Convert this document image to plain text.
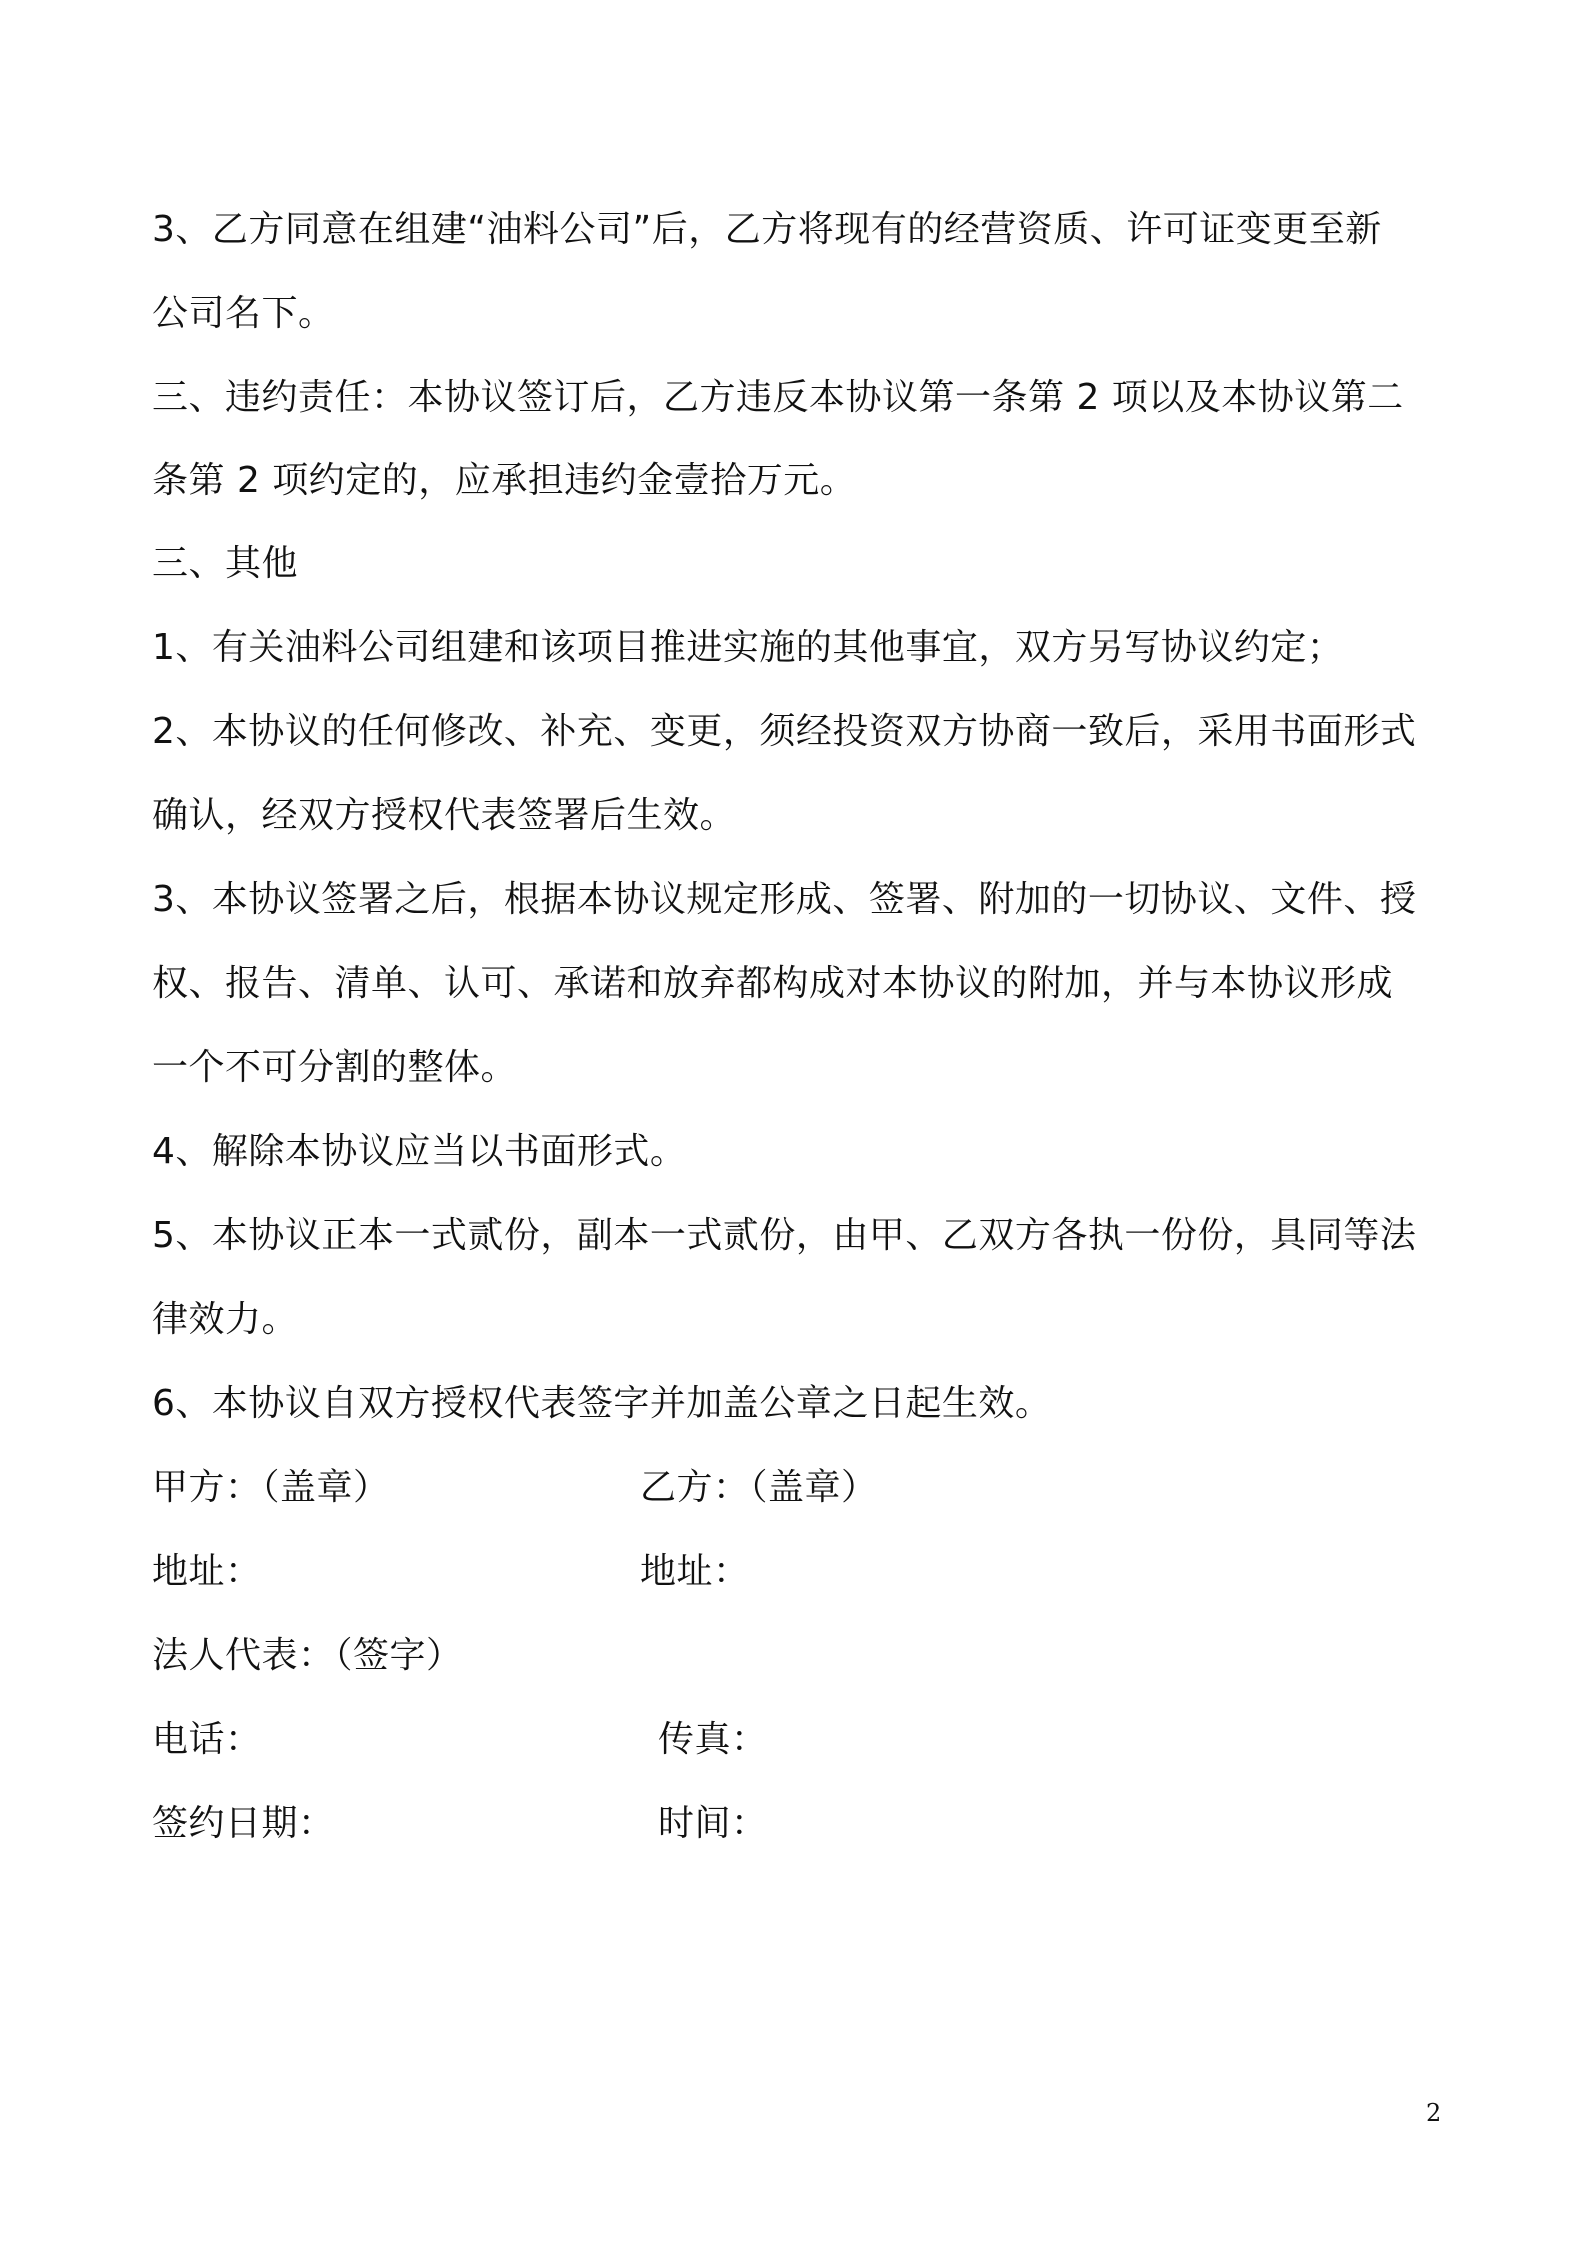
3、乙方同意在组建“油料公司”后，乙方将现有的经营资质、许可证变更至新
公司名下。
三、违约责任：本协议签订后，乙方违反本协议第一条第 2 项以及本协议第二
条第 2 项约定的，应承担违约金壹拾万元。
三、其他
1、有关油料公司组建和该项目推进实施的其他事宜，双方另写协议约定；
2、本协议的任何修改、补充、变更，须经投资双方协商一致后，采用书面形式
确认，经双方授权代表签署后生效。
3、本协议签署之后，根据本协议规定形成、签署、附加的一切协议、文件、授
权、报告、清单、认可、承诺和放弃都构成对本协议的附加，并与本协议形成
一个不可分割的整体。
4、解除本协议应当以书面形式。
5、本协议正本一式贰份，副本一式贰份，由甲、乙双方各执一份份，具同等法
律效力。
6、本协议自双方授权代表签字并加盖公章之日起生效。
甲方：（盖章）	乙方：（盖章）
地址：	地址：
法人代表：（签字）
电话：	传真：
签约日期：	时间：
2
